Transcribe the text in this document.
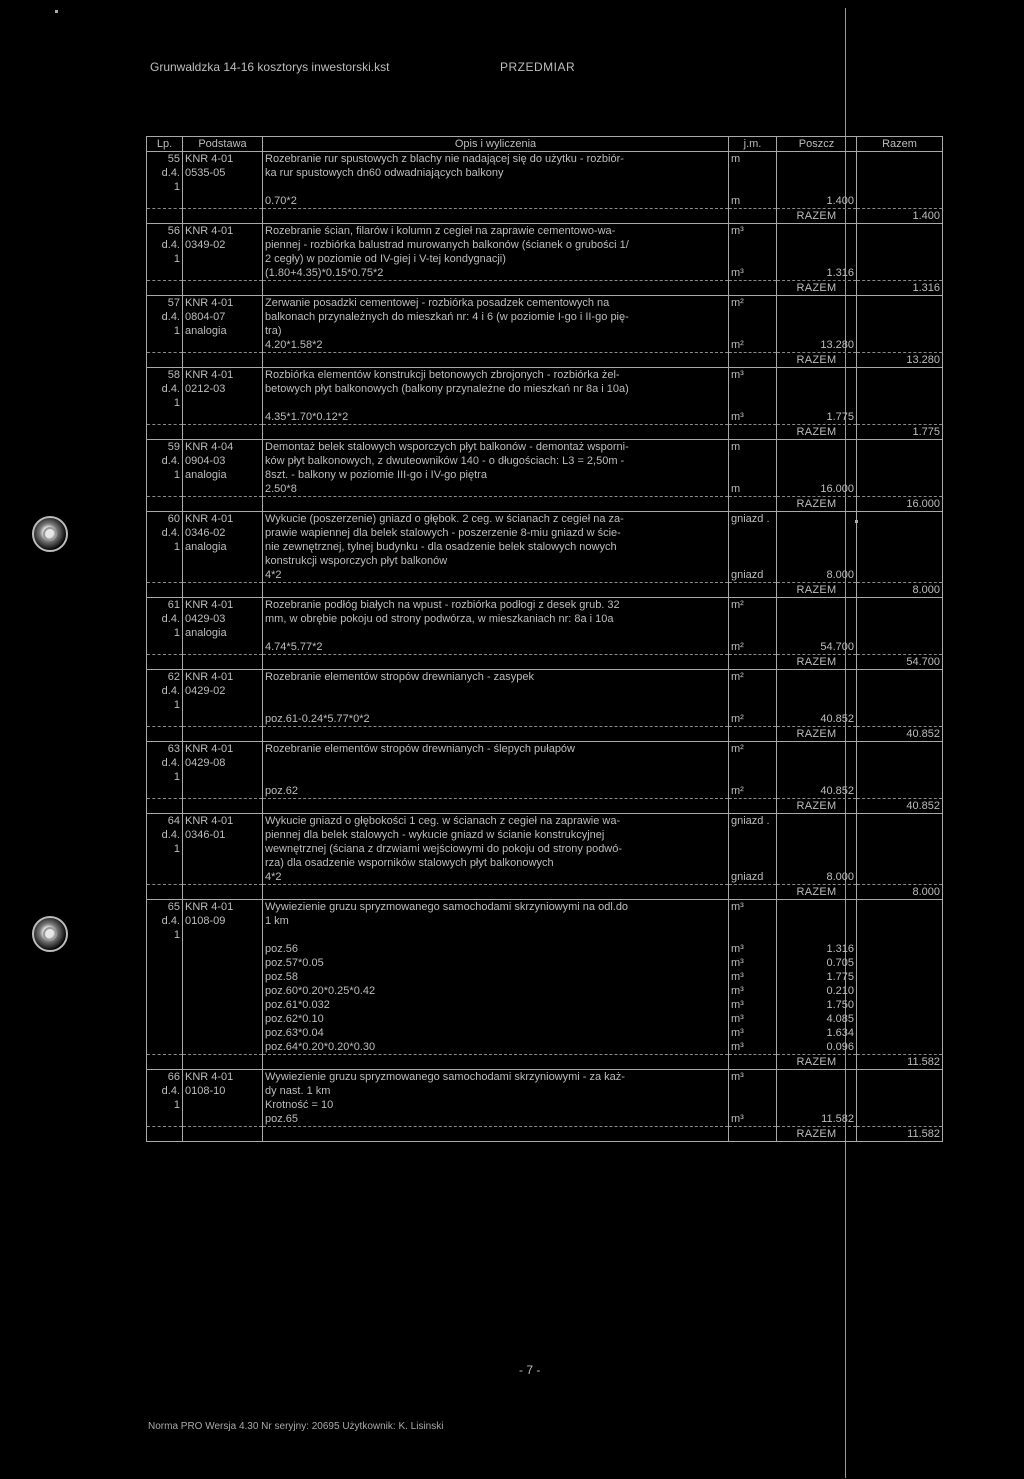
Grunwaldzka 14-16 kosztorys inwestorski.kst	PRZEDMIAR
Lp.	Podstawa	Opis i wyliczenia	j.m.	Poszcz	Razem
55	KNR 4-01	Rozebranie rur spustowych z blachy nie nadającej się do użytku - rozbiór-	m		
d.4.	0535-05	ka rur spustowych dn60 odwadniających balkony			
1					
		0.70*2	m	1.400	
				RAZEM	1.400
56	KNR 4-01	Rozebranie ścian, filarów i kolumn z cegieł na zaprawie cementowo-wa-	m³		
d.4.	0349-02	piennej - rozbiórka balustrad murowanych balkonów (ścianek o grubości 1/			
1		2 cegły) w poziomie od IV-giej i V-tej kondygnacji)			
		(1.80+4.35)*0.15*0.75*2	m³	1.316	
				RAZEM	1.316
57	KNR 4-01	Zerwanie posadzki cementowej - rozbiórka posadzek cementowych na	m²		
d.4.	0804-07	balkonach przynależnych do mieszkań nr: 4 i 6 (w poziomie I-go i II-go pię-			
1	analogia	tra)			
		4.20*1.58*2	m²	13.280	
				RAZEM	13.280
58	KNR 4-01	Rozbiórka elementów konstrukcji betonowych zbrojonych - rozbiórka żel-	m³		
d.4.	0212-03	betowych płyt balkonowych (balkony przynależne do mieszkań nr 8a i 10a)			
1					
		4.35*1.70*0.12*2	m³	1.775	
				RAZEM	1.775
59	KNR 4-04	Demontaż belek stalowych wsporczych płyt balkonów - demontaż wsporni-	m		
d.4.	0904-03	ków płyt balkonowych, z dwuteowników 140 - o długościach: L3 = 2,50m -			
1	analogia	8szt. - balkony w poziomie III-go i IV-go piętra			

		2.50*8	m	16.000	
				RAZEM	16.000
60	KNR 4-01	Wykucie (poszerzenie) gniazd o głębok. 2 ceg. w ścianach z cegieł na za-	gniazd .		
d.4.	0346-02	prawie wapiennej dla belek stalowych - poszerzenie 8-miu gniazd w ście-			
1	analogia	nie zewnętrznej, tylnej budynku - dla osadzenie belek stalowych nowych			
		konstrukcji wsporczych płyt balkonów			
		4*2	gniazd	8.000	
				RAZEM	8.000
61	KNR 4-01	Rozebranie podłóg białych na wpust - rozbiórka podłogi z desek grub. 32	m²		
d.4.	0429-03	mm, w obrębie pokoju od strony podwórza, w mieszkaniach nr: 8a i 10a			
1	analogia				

		4.74*5.77*2	m²	54.700	
				RAZEM	54.700
62	KNR 4-01	Rozebranie elementów stropów drewnianych - zasypek	m²		
d.4.	0429-02				
1					

		poz.61-0.24*5.77*0*2	m²	40.852	
				RAZEM	40.852
63	KNR 4-01	Rozebranie elementów stropów drewnianych - ślepych pułapów	m²		
d.4.	0429-08				
1					

		poz.62	m²	40.852	
				RAZEM	40.852
64	KNR 4-01	Wykucie gniazd o głębokości 1 ceg. w ścianach z cegieł na zaprawie wa-	gniazd .		
d.4.	0346-01	piennej dla belek stalowych - wykucie gniazd w ścianie konstrukcyjnej			
1		wewnętrznej (ściana z drzwiami wejściowymi do pokoju od strony podwó-			
		rza) dla osadzenie wsporników stalowych płyt balkonowych			
		4*2	gniazd	8.000	
				RAZEM	8.000
65	KNR 4-01	Wywiezienie gruzu spryzmowanego samochodami skrzyniowymi na odl.do	m³		
d.4.	0108-09	1 km			
1					
		poz.56	m³	1.316	
		poz.57*0.05	m³	0.705	
		poz.58	m³	1.775	
		poz.60*0.20*0.25*0.42	m³	0.210	
		poz.61*0.032	m³	1.750	
		poz.62*0.10	m³	4.085	
		poz.63*0.04	m³	1.634	
		poz.64*0.20*0.20*0.30	m³	0.096	
				RAZEM	11.582
66	KNR 4-01	Wywiezienie gruzu spryzmowanego samochodami skrzyniowymi - za każ-	m³		
d.4.	0108-10	dy nast. 1 km			
1		Krotność = 10			
		poz.65	m³	11.582	
				RAZEM	11.582
- 7 -
Norma PRO Wersja 4.30 Nr seryjny: 20695 Użytkownik: K. Lisinski
